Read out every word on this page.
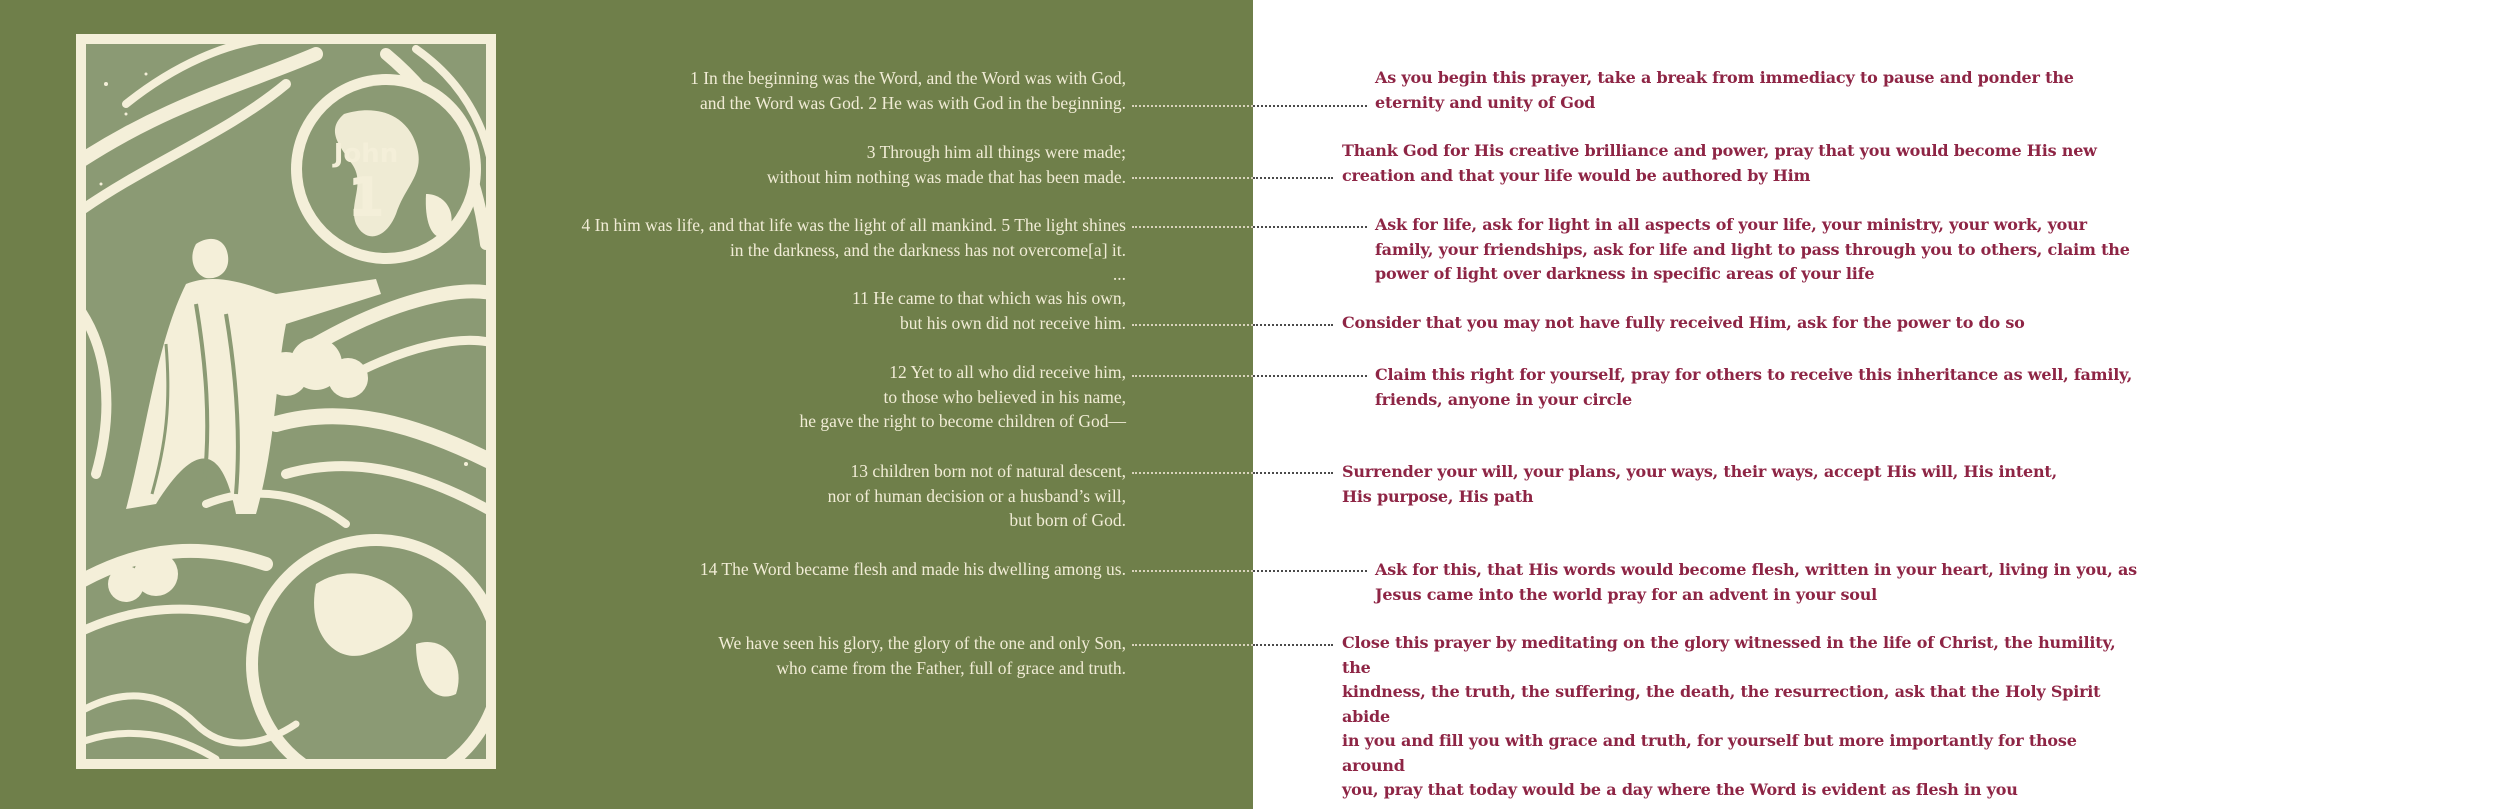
John
1
1 In the beginning was the Word, and the Word was with God,
and the Word was God. 2 He was with God in the beginning.
3 Through him all things were made;
without him nothing was made that has been made.
4 In him was life, and that life was the light of all mankind. 5 The light shines
in the darkness, and the darkness has not overcome[a] it.
...
11 He came to that which was his own,
but his own did not receive him.
12 Yet to all who did receive him,
to those who believed in his name,
he gave the right to become children of God—
13 children born not of natural descent,
nor of human decision or a husband’s will,
but born of God.
14 The Word became flesh and made his dwelling among us.
We have seen his glory, the glory of the one and only Son,
who came from the Father, full of grace and truth.
As you begin this prayer, take a break from immediacy to pause and ponder the
eternity and unity of God
Thank God for His creative brilliance and power, pray that you would become His new
creation and that your life would be authored by Him
Ask for life, ask for light in all aspects of your life, your ministry, your work, your
family, your friendships, ask for life and light to pass through you to others, claim the
power of light over darkness in specific areas of your life
Consider that you may not have fully received Him, ask for the power to do so
Claim this right for yourself, pray for others to receive this inheritance as well, family,
friends, anyone in your circle
Surrender your will, your plans, your ways, their ways, accept His will, His intent,
His purpose, His path
Ask for this, that His words would become flesh, written in your heart, living in you, as
Jesus came into the world pray for an advent in your soul
Close this prayer by meditating on the glory witnessed in the life of Christ, the humility, the
kindness, the truth, the suffering, the death, the resurrection, ask that the Holy Spirit abide
in you and fill you with grace and truth, for yourself but more importantly for those around
you, pray that today would be a day where the Word is evident as flesh in you
